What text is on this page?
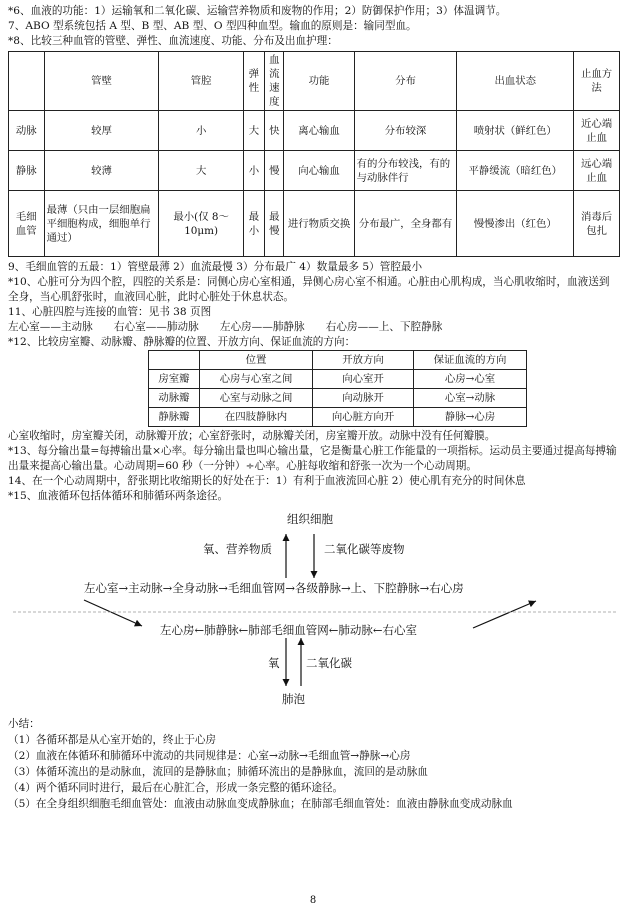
*6、血液的功能：1）运输氧和二氧化碳、运输营养物质和废物的作用；2）防御保护作用；3）体温调节。
7、ABO 型系统包括 A 型、B 型、AB 型、O 型四种血型。输血的原则是：输同型血。
*8、比较三种血管的管壁、弹性、血流速度、功能、分布及出血护理：
	管壁	管腔	弹性	血流速度	功能	分布	出血状态	止血方法
动脉	较厚	小	大	快	离心输血	分布较深	喷射状（鲜红色）	近心端止血
静脉	较薄	大	小	慢	向心输血	有的分布较浅，有的与动脉伴行	平静缓流（暗红色）	远心端止血
毛细血管	最薄（只由一层细胞扁平细胞构成，细胞单行通过）	最小(仅 8～10μm)	最小	最慢	进行物质交换	分布最广，全身都有	慢慢渗出（红色）	消毒后包扎
9、毛细血管的五最：1）管壁最薄 2）血流最慢 3）分布最广 4）数量最多 5）管腔最小
*10、心脏可分为四个腔，四腔的关系是：同侧心房心室相通，异侧心房心室不相通。心脏由心肌构成，当心肌收缩时，血液送到全身，当心肌舒张时，血液回心脏，此时心脏处于休息状态。
11、心脏四腔与连接的血管：见书 38 页图
左心室——主动脉　　右心室——肺动脉　　左心房——肺静脉　　右心房——上、下腔静脉
*12、比较房室瓣、动脉瓣、静脉瓣的位置、开放方向、保证血流的方向：
	位置	开放方向	保证血流的方向
房室瓣	心房与心室之间	向心室开	心房→心室
动脉瓣	心室与动脉之间	向动脉开	心室→动脉
静脉瓣	在四肢静脉内	向心脏方向开	静脉→心房
心室收缩时，房室瓣关闭，动脉瓣开放；心室舒张时，动脉瓣关闭，房室瓣开放。动脉中没有任何瓣膜。
*13、每分输出量=每搏输出量×心率。每分输出量也叫心输出量，它是衡量心脏工作能量的一项指标。运动员主要通过提高每搏输出量来提高心输出量。心动周期=60 秒（一分钟）÷心率。心脏每收缩和舒张一次为一个心动周期。
14、在一个心动周期中，舒张期比收缩期长的好处在于：1）有利于血液流回心脏 2）使心肌有充分的时间休息
*15、血液循环包括体循环和肺循环两条途径。
组织细胞
氧、营养物质	二氧化碳等废物
左心室→主动脉→全身动脉→毛细血管网→各级静脉→上、下腔静脉→右心房
左心房←肺静脉←肺部毛细血管网←肺动脉←右心室
氧 二氧化碳
肺泡
小结：
（1）各循环都是从心室开始的，终止于心房
（2）血液在体循环和肺循环中流动的共同规律是：心室→动脉→毛细血管→静脉→心房
（3）体循环流出的是动脉血，流回的是静脉血；肺循环流出的是静脉血，流回的是动脉血
（4）两个循环同时进行，最后在心脏汇合，形成一条完整的循环途径。
（5）在全身组织细胞毛细血管处：血液由动脉血变成静脉血；在肺部毛细血管处：血液由静脉血变成动脉血
8
